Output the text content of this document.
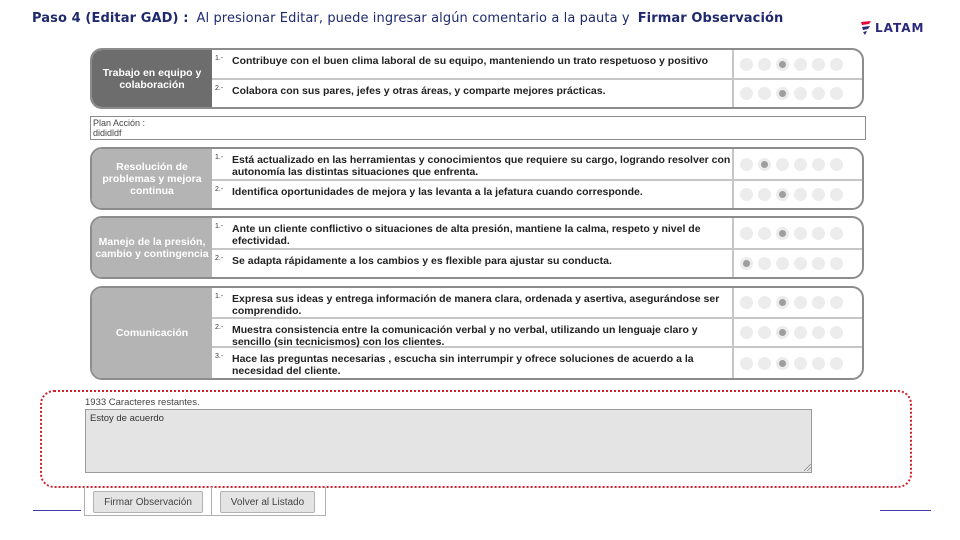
Paso 4 (Editar GAD) : Al presionar Editar, puede ingresar algún comentario a la pauta y Firmar Observación
LATAM
Trabajo en equipo y colaboración
1.- Contribuye con el buen clima laboral de su equipo, manteniendo un trato respetuoso y positivo
2.- Colabora con sus pares, jefes y otras áreas, y comparte mejores prácticas.
Plan Acción :
dididldf
Resolución de problemas y mejora continua
1.- Está actualizado en las herramientas y conocimientos que requiere su cargo, logrando resolver con autonomía las distintas situaciones que enfrenta.
2.- Identifica oportunidades de mejora y las levanta a la jefatura cuando corresponde.
Manejo de la presión, cambio y contingencia
1.- Ante un cliente conflictivo o situaciones de alta presión, mantiene la calma, respeto y nivel de efectividad.
2.- Se adapta rápidamente a los cambios y es flexible para ajustar su conducta.
Comunicación
1.- Expresa sus ideas y entrega información de manera clara, ordenada y asertiva, asegurándose ser comprendido.
2.- Muestra consistencia entre la comunicación verbal y no verbal, utilizando un lenguaje claro y sencillo (sin tecnicismos) con los clientes.
3.- Hace las preguntas necesarias , escucha sin interrumpir y ofrece soluciones de acuerdo a la necesidad del cliente.
1933 Caracteres restantes.
Estoy de acuerdo
Firmar Observación	Volver al Listado
